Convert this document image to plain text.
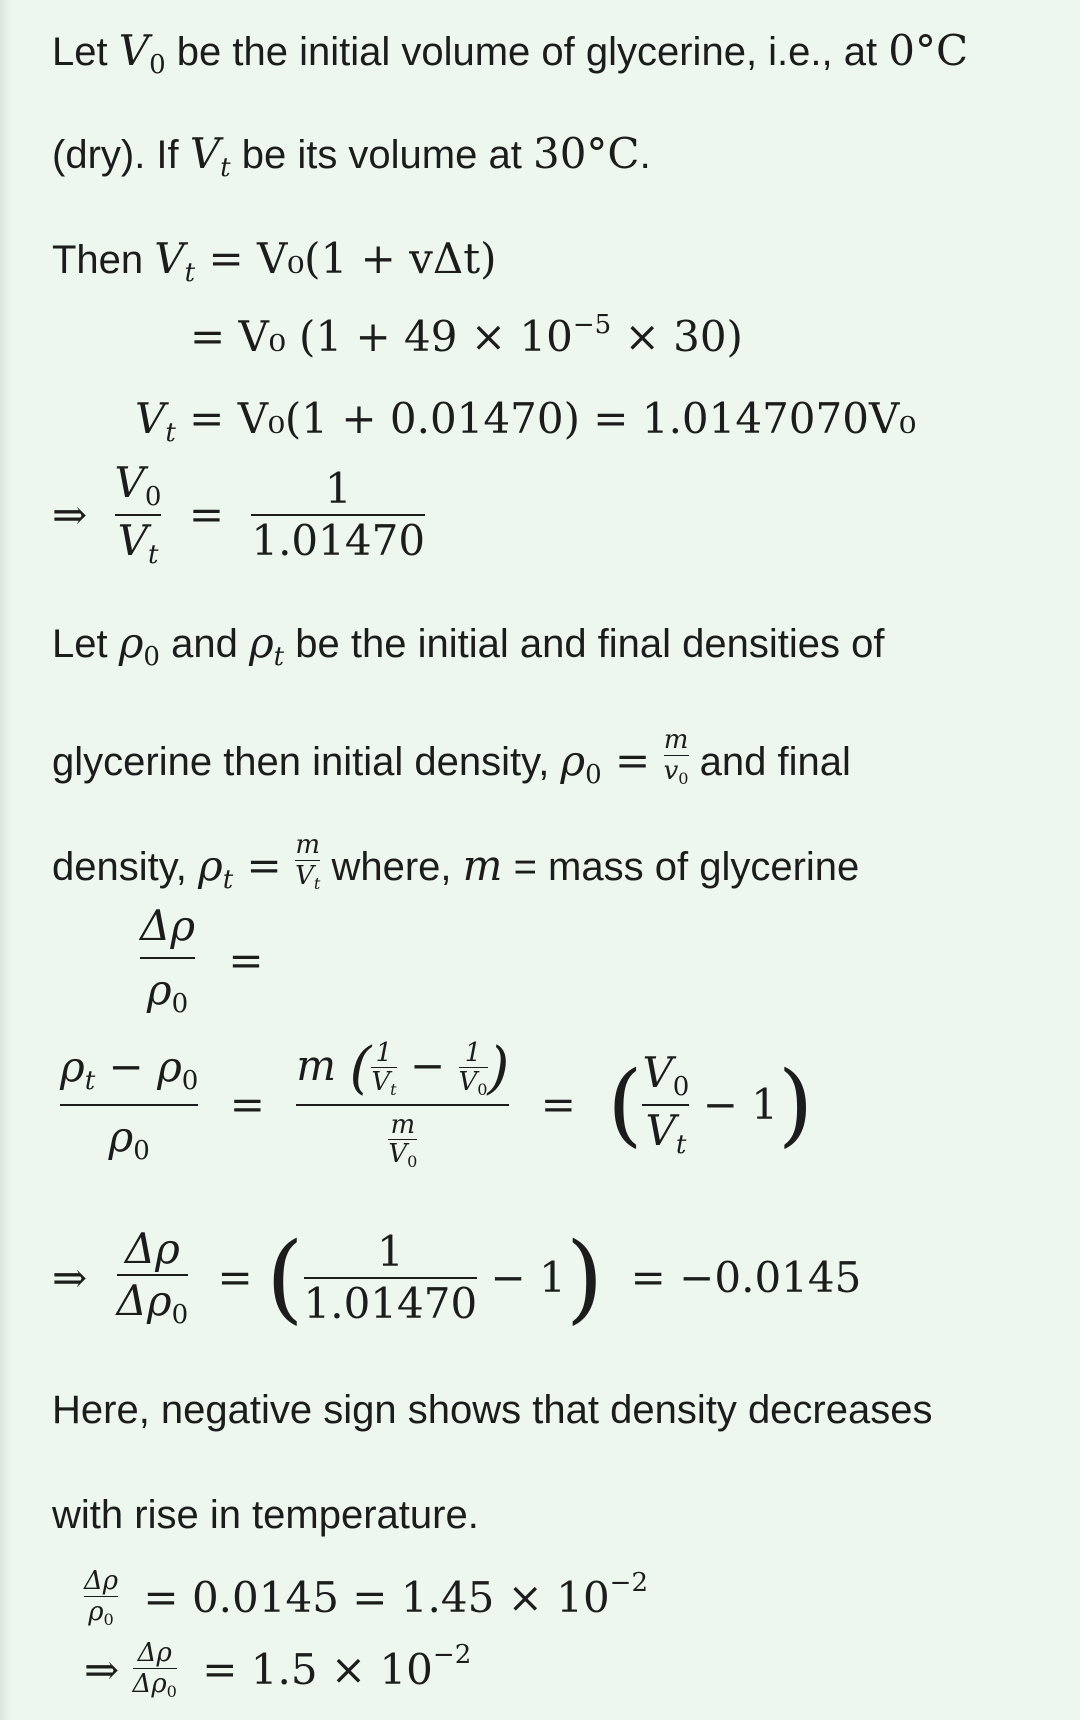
Let $V_0$ be the initial volume of glycerine, i.e., at 0°C
(dry). If $V_t$ be its volume at 30°C.
Then $V_t = V_0(1 + v\Delta t)$
= V₀ $(1 + 49 \times 10^{-5} \times 30)$
$V_t = V_0(1 + 0.01470) = 1.0147070V_0$
⇒ $\frac{V_0}{V_t} = \frac{1}{1.01470}$
Let $\rho_0$ and $\rho_t$ be the initial and final densities of
glycerine then initial density, $\rho_0 = \frac{m}{v_0}$ and final
density, $\rho_t = \frac{m}{V_t}$ where, m = mass of glycerine
$\frac{\Delta\rho}{\rho_0}$ =
$\frac{\rho_t - \rho_0}{\rho_0} = \frac{m ( \frac{1}{V_t} - \frac{1}{V_0} )}{\frac{m}{V_0}}$ = ( $\frac{V_0}{V_t} - 1$)
⇒ $\frac{\Delta\rho}{\Delta\rho_0}$ = ( $\frac{1}{1.01470} - 1) = -0.0145$
Here, negative sign shows that density decreases
with rise in temperature.
$\frac{\Delta\rho}{\rho_0} = 0.0145 = 1.45 \times 10^{-2}$
⇒ $\frac{\Delta\rho}{\Delta\rho_0} = 1.5 \times 10^{-2}$
